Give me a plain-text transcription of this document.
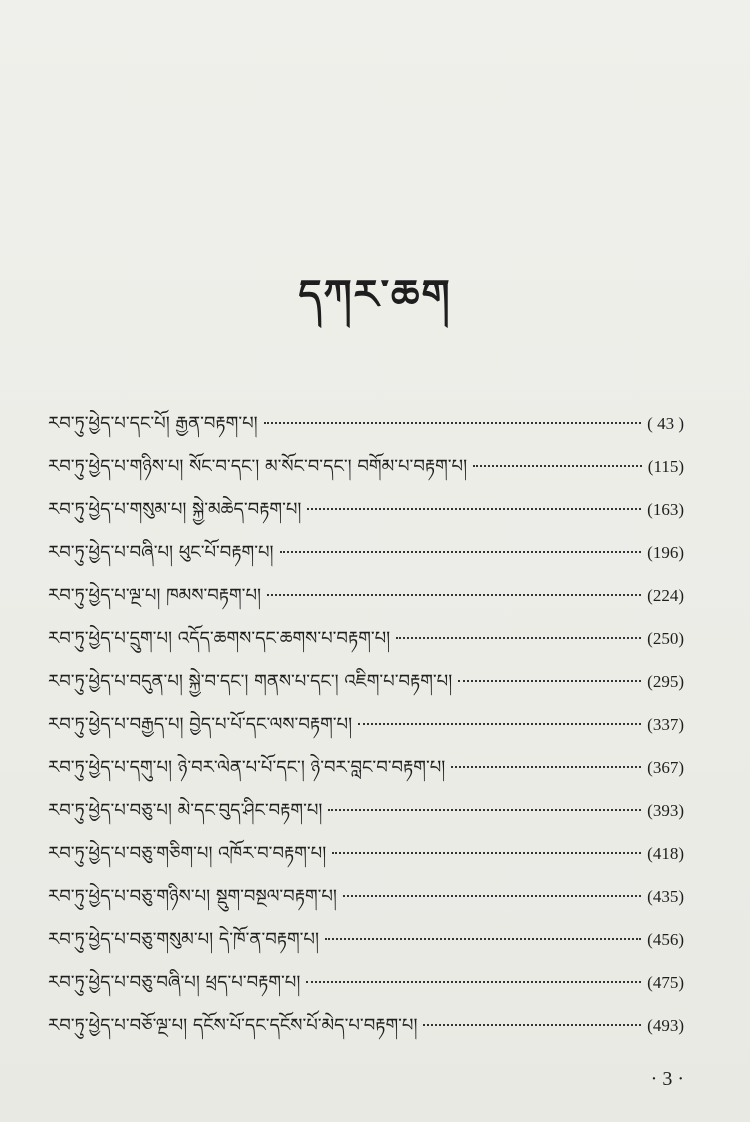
དཀར་ཆག
རབ་ཏུ་ཕྱེད་པ་དང་པོ། རྒྱན་བརྟག་པ།	( 43 )
རབ་ཏུ་ཕྱེད་པ་གཉིས་པ། སོང་བ་དང་། མ་སོང་བ་དང་། བགོམ་པ་བརྟག་པ།	(115)
རབ་ཏུ་ཕྱེད་པ་གསུམ་པ། སྐྱེ་མཆེད་བརྟག་པ།	(163)
རབ་ཏུ་ཕྱེད་པ་བཞི་པ། ཕུང་པོ་བརྟག་པ།	(196)
རབ་ཏུ་ཕྱེད་པ་ལྔ་པ། ཁམས་བརྟག་པ།	(224)
རབ་ཏུ་ཕྱེད་པ་དྲུག་པ། འདོད་ཆགས་དང་ཆགས་པ་བརྟག་པ།	(250)
རབ་ཏུ་ཕྱེད་པ་བདུན་པ། སྐྱེ་བ་དང་། གནས་པ་དང་། འཇིག་པ་བརྟག་པ།	(295)
རབ་ཏུ་ཕྱེད་པ་བརྒྱད་པ། བྱེད་པ་པོ་དང་ལས་བརྟག་པ།	(337)
རབ་ཏུ་ཕྱེད་པ་དགུ་པ། ཉེ་བར་ལེན་པ་པོ་དང་། ཉེ་བར་བླང་བ་བརྟག་པ།	(367)
རབ་ཏུ་ཕྱེད་པ་བཅུ་པ། མེ་དང་བུད་ཤིང་བརྟག་པ།	(393)
རབ་ཏུ་ཕྱེད་པ་བཅུ་གཅིག་པ། འཁོར་བ་བརྟག་པ།	(418)
རབ་ཏུ་ཕྱེད་པ་བཅུ་གཉིས་པ། སྡུག་བསྔལ་བརྟག་པ།	(435)
རབ་ཏུ་ཕྱེད་པ་བཅུ་གསུམ་པ། དེ་ཁོ་ན་བརྟག་པ།	(456)
རབ་ཏུ་ཕྱེད་པ་བཅུ་བཞི་པ། ཕྲད་པ་བརྟག་པ།	(475)
རབ་ཏུ་ཕྱེད་པ་བཅོ་ལྔ་པ། དངོས་པོ་དང་དངོས་པོ་མེད་པ་བརྟག་པ།	(493)
· 3 ·
